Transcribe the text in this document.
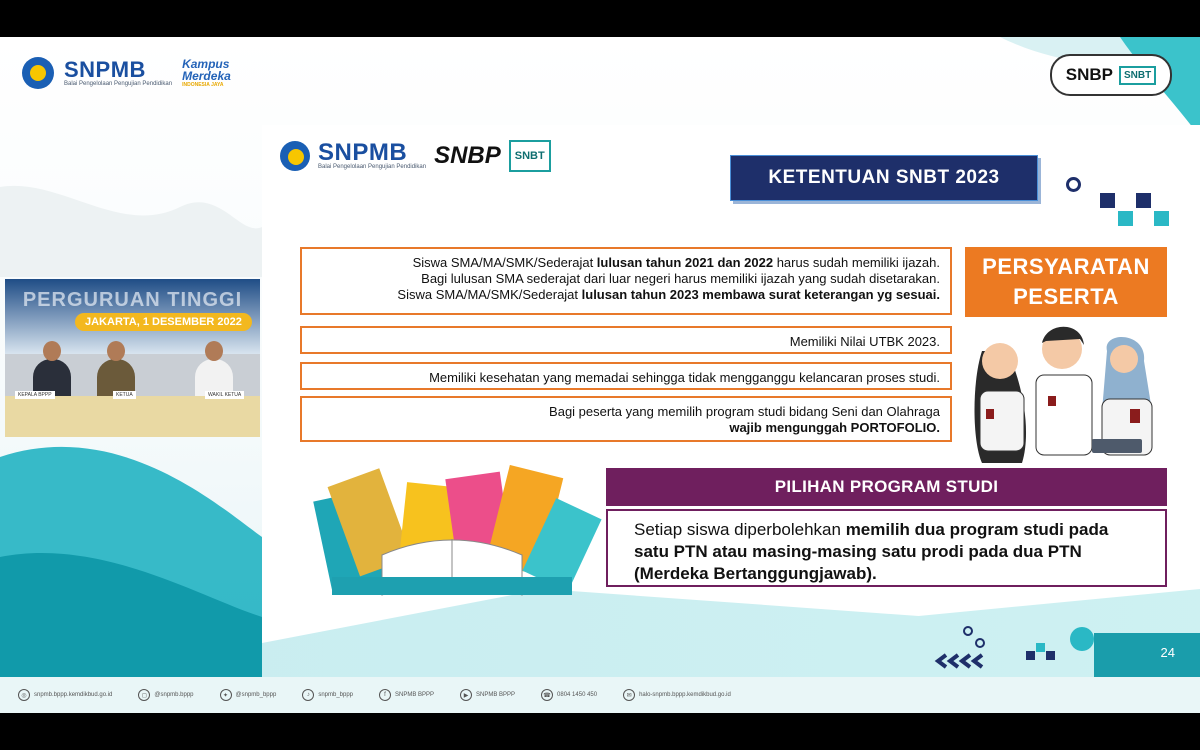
SNPMB
Balai Pengelolaan Pengujian Pendidikan
Kampus
Merdeka
INDONESIA JAYA
SNBP	SNBT
PERGURUAN TINGGI
JAKARTA, 1 DESEMBER 2022
KEPALA BPPP	KETUA	WAKIL KETUA
SNPMB
Balai Pengelolaan Pengujian Pendidikan SNBP	SNBT
KETENTUAN SNBT 2023
Siswa SMA/MA/SMK/Sederajat lulusan tahun 2021 dan 2022 harus sudah memiliki ijazah.
Bagi lulusan SMA sederajat dari luar negeri harus memiliki ijazah yang sudah disetarakan.
Siswa SMA/MA/SMK/Sederajat lulusan tahun 2023 membawa surat keterangan yg sesuai.
Memiliki Nilai UTBK 2023.
Memiliki kesehatan yang memadai sehingga tidak mengganggu kelancaran proses studi.
Bagi peserta yang memilih program studi bidang Seni dan Olahraga
wajib mengunggah PORTOFOLIO.
PERSYARATAN
PESERTA
PILIHAN PROGRAM STUDI
Setiap siswa diperbolehkan memilih dua program studi pada satu PTN atau masing-masing satu prodi pada dua PTN (Merdeka Bertanggungjawab).
24
◎	snpmb.bppp.kemdikbud.go.id	◻	@snpmb.bppp	✦	@snpmb_bppp	♪	snpmb_bppp	f	SNPMB BPPP	▶	SNPMB BPPP	☎	0804 1450 450	✉	halo-snpmb.bppp.kemdikbud.go.id
